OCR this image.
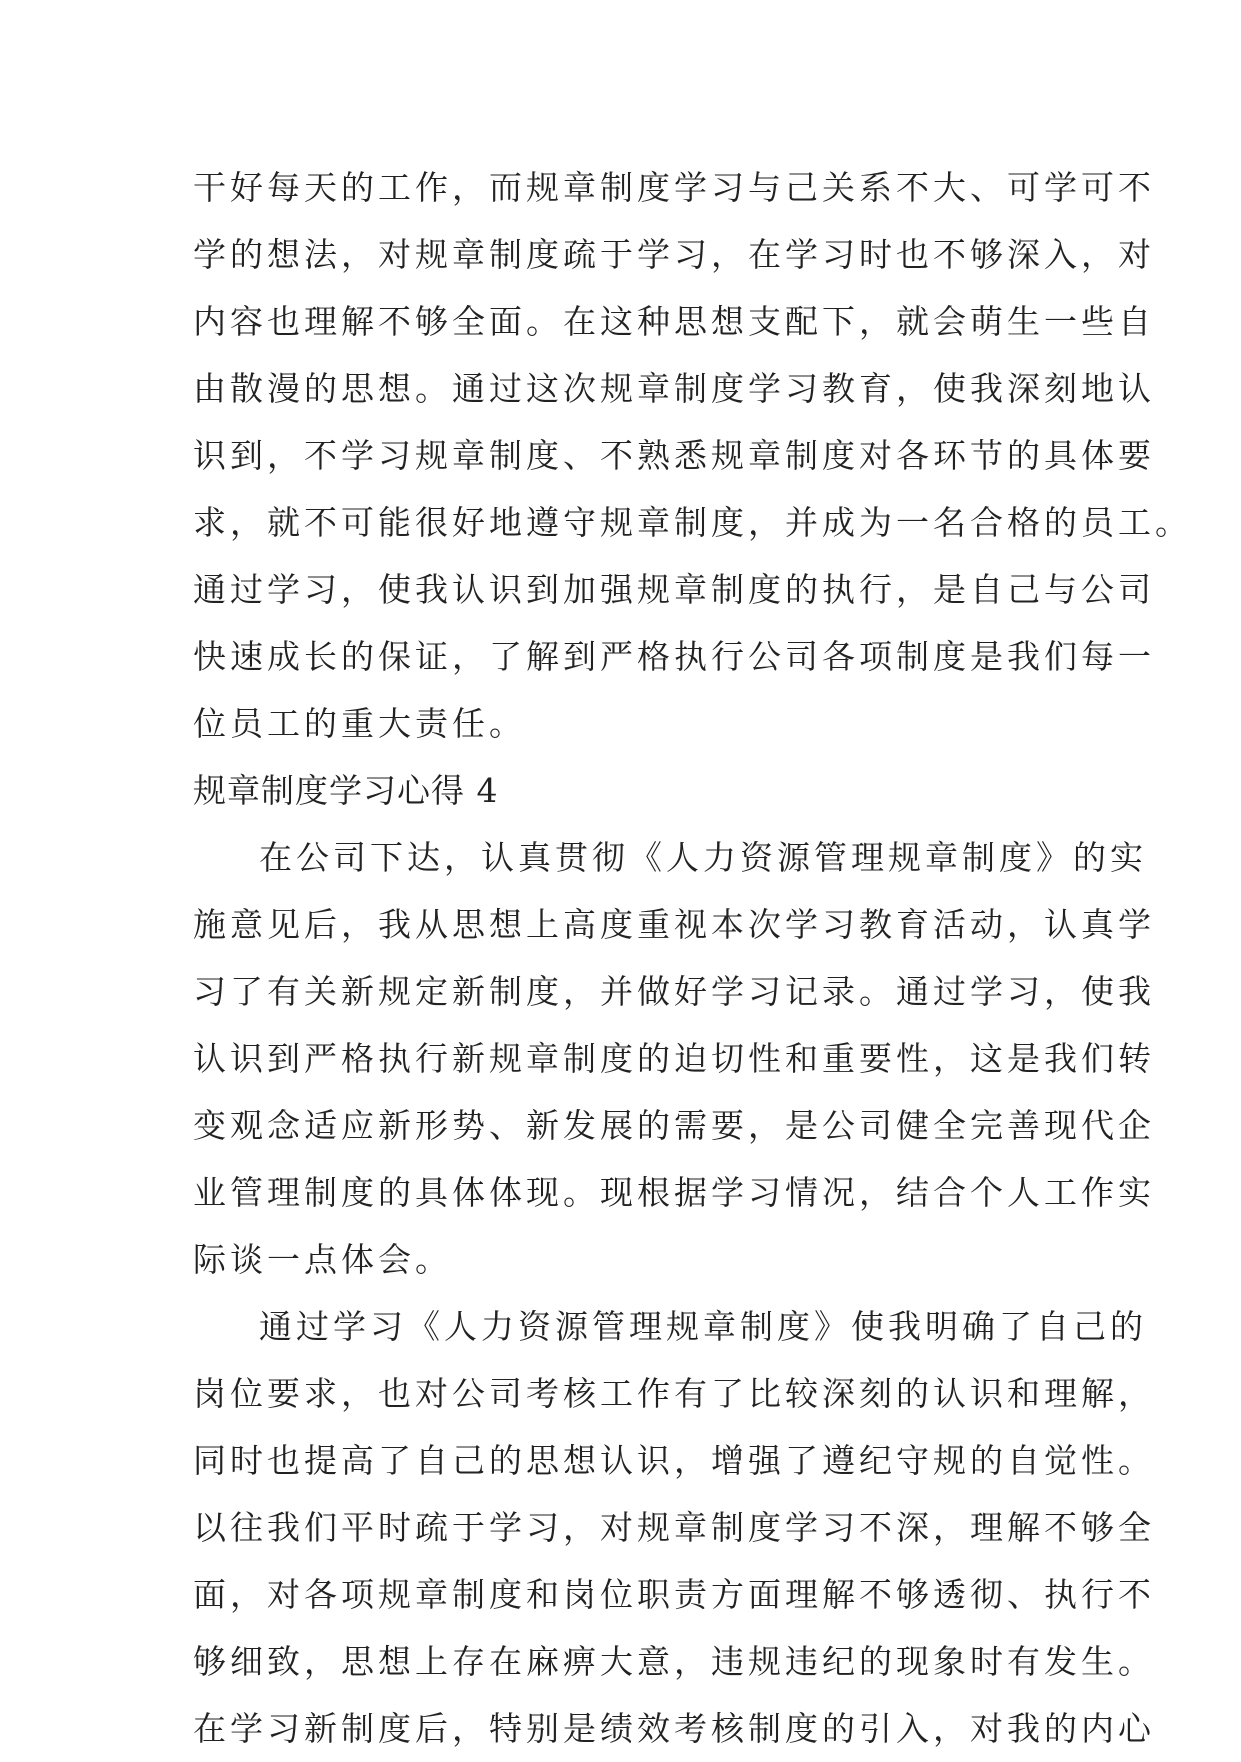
干好每天的工作，而规章制度学习与己关系不大、可学可不
学的想法，对规章制度疏于学习，在学习时也不够深入，对
内容也理解不够全面。在这种思想支配下，就会萌生一些自
由散漫的思想。通过这次规章制度学习教育，使我深刻地认
识到，不学习规章制度、不熟悉规章制度对各环节的具体要
求，就不可能很好地遵守规章制度，并成为一名合格的员工。
通过学习，使我认识到加强规章制度的执行，是自己与公司
快速成长的保证，了解到严格执行公司各项制度是我们每一
位员工的重大责任。
规章制度学习心得 4
在公司下达，认真贯彻《人力资源管理规章制度》的实
施意见后，我从思想上高度重视本次学习教育活动，认真学
习了有关新规定新制度，并做好学习记录。通过学习，使我
认识到严格执行新规章制度的迫切性和重要性，这是我们转
变观念适应新形势、新发展的需要，是公司健全完善现代企
业管理制度的具体体现。现根据学习情况，结合个人工作实
际谈一点体会。
通过学习《人力资源管理规章制度》使我明确了自己的
岗位要求，也对公司考核工作有了比较深刻的认识和理解，
同时也提高了自己的思想认识，增强了遵纪守规的自觉性。
以往我们平时疏于学习，对规章制度学习不深，理解不够全
面，对各项规章制度和岗位职责方面理解不够透彻、执行不
够细致，思想上存在麻痹大意，违规违纪的现象时有发生。
在学习新制度后，特别是绩效考核制度的引入，对我的内心
